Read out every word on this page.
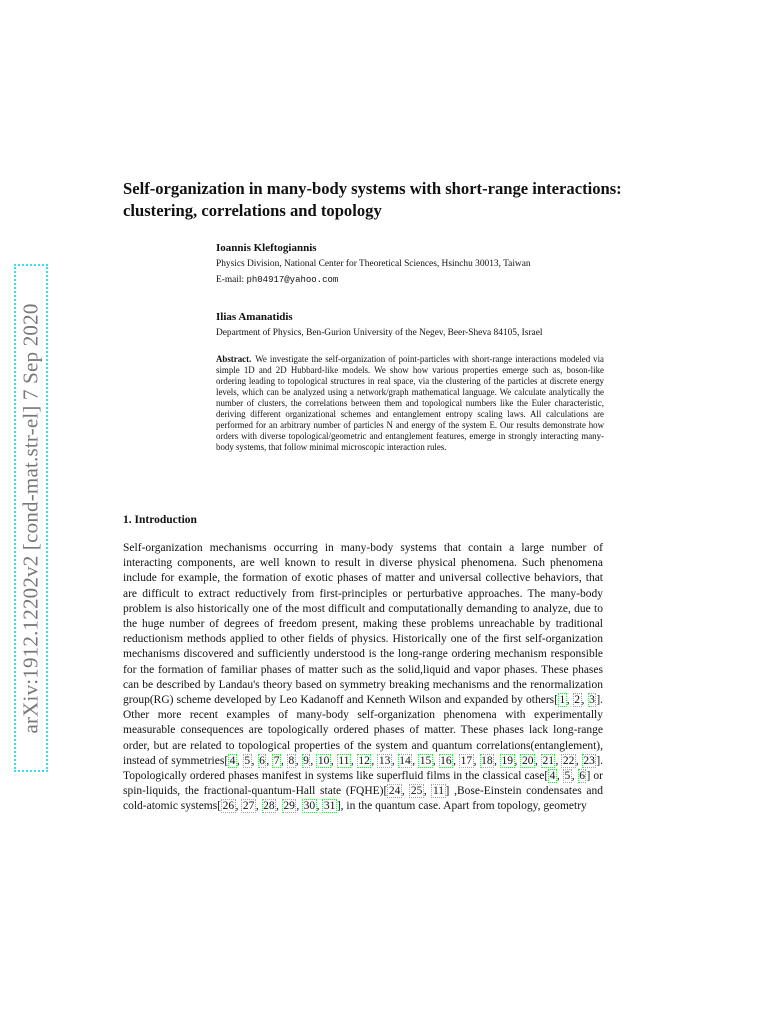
arXiv:1912.12202v2 [cond-mat.str-el] 7 Sep 2020
Self-organization in many-body systems with short-range interactions: clustering, correlations and topology
Ioannis Kleftogiannis
Physics Division, National Center for Theoretical Sciences, Hsinchu 30013, Taiwan
E-mail: ph04917@yahoo.com
Ilias Amanatidis
Department of Physics, Ben-Gurion University of the Negev, Beer-Sheva 84105, Israel

Abstract. We investigate the self-organization of point-particles with short-range interactions modeled via simple 1D and 2D Hubbard-like models. We show how various properties emerge such as, boson-like ordering leading to topological structures in real space, via the clustering of the particles at discrete energy levels, which can be analyzed using a network/graph mathematical language. We calculate analytically the number of clusters, the correlations between them and topological numbers like the Euler characteristic, deriving different organizational schemes and entanglement entropy scaling laws. All calculations are performed for an arbitrary number of particles N and energy of the system E. Our results demonstrate how orders with diverse topological/geometric and entanglement features, emerge in strongly interacting many-body systems, that follow minimal microscopic interaction rules.

1. Introduction

Self-organization mechanisms occurring in many-body systems that contain a large number of interacting components, are well known to result in diverse physical phenomena. Such phenomena include for example, the formation of exotic phases of matter and universal collective behaviors, that are difficult to extract reductively from first-principles or perturbative approaches. The many-body problem is also historically one of the most difficult and computationally demanding to analyze, due to the huge number of degrees of freedom present, making these problems unreachable by traditional reductionism methods applied to other fields of physics. Historically one of the first self-organization mechanisms discovered and sufficiently understood is the long-range ordering mechanism responsible for the formation of familiar phases of matter such as the solid,liquid and vapor phases. These phases can be described by Landau's theory based on symmetry breaking mechanisms and the renormalization group(RG) scheme developed by Leo Kadanoff and Kenneth Wilson and expanded by others[ 1 , 2 , 3 ]. Other more recent examples of many-body self-organization phenomena with experimentally measurable consequences are topologically ordered phases of matter. These phases lack long-range order, but are related to topological properties of the system and quantum correlations(entanglement), instead of symmetries[ 4 , 5 , 6 , 7 , 8 , 9 , 10 , 11 , 12 , 13 , 14 , 15 , 16 , 17 , 18 , 19 , 20 , 21 , 22 , 23 ]. Topologically ordered phases manifest in systems like superfluid films in the classical case[ 4 , 5 , 6 ] or spin-liquids, the fractional-quantum-Hall state (FQHE)[ 24 , 25 , 11 ] ,Bose-Einstein condensates and cold-atomic systems[ 26 , 27 , 28 , 29 , 30 , 31 ], in the quantum case. Apart from topology, geometry
